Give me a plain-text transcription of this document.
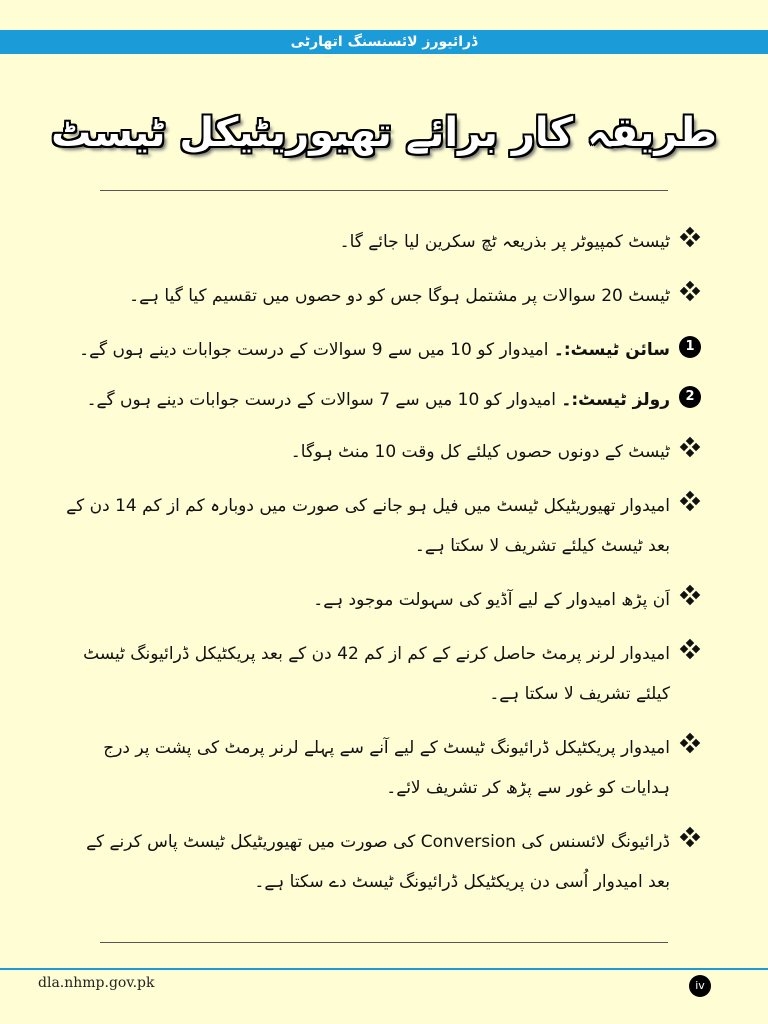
ڈرائیورز لائسنسنگ اتھارٹی
طریقہ کار برائے تھیوریٹیکل ٹیسٹ
ٹیسٹ کمپیوٹر پر بذریعہ ٹچ سکرین لیا جائے گا۔
ٹیسٹ 20 سوالات پر مشتمل ہوگا جس کو دو حصوں میں تقسیم کیا گیا ہے۔
1
سائن ٹیسٹ:۔ امیدوار کو 10 میں سے 9 سوالات کے درست جوابات دینے ہوں گے۔
2
رولز ٹیسٹ:۔ امیدوار کو 10 میں سے 7 سوالات کے درست جوابات دینے ہوں گے۔
ٹیسٹ کے دونوں حصوں کیلئے کل وقت 10 منٹ ہوگا۔
امیدوار تھیوریٹیکل ٹیسٹ میں فیل ہو جانے کی صورت میں دوبارہ کم از کم 14 دن کے بعد ٹیسٹ کیلئے تشریف لا سکتا ہے۔
اَن پڑھ امیدوار کے لیے آڈیو کی سہولت موجود ہے۔
امیدوار لرنر پرمٹ حاصل کرنے کے کم از کم 42 دن کے بعد پریکٹیکل ڈرائیونگ ٹیسٹ کیلئے تشریف لا سکتا ہے۔
امیدوار پریکٹیکل ڈرائیونگ ٹیسٹ کے لیے آنے سے پہلے لرنر پرمٹ کی پشت پر درج ہدایات کو غور سے پڑھ کر تشریف لائے۔
ڈرائیونگ لائسنس کی Conversion کی صورت میں تھیوریٹیکل ٹیسٹ پاس کرنے کے بعد امیدوار اُسی دن پریکٹیکل ڈرائیونگ ٹیسٹ دے سکتا ہے۔
dla.nhmp.gov.pk	iv
